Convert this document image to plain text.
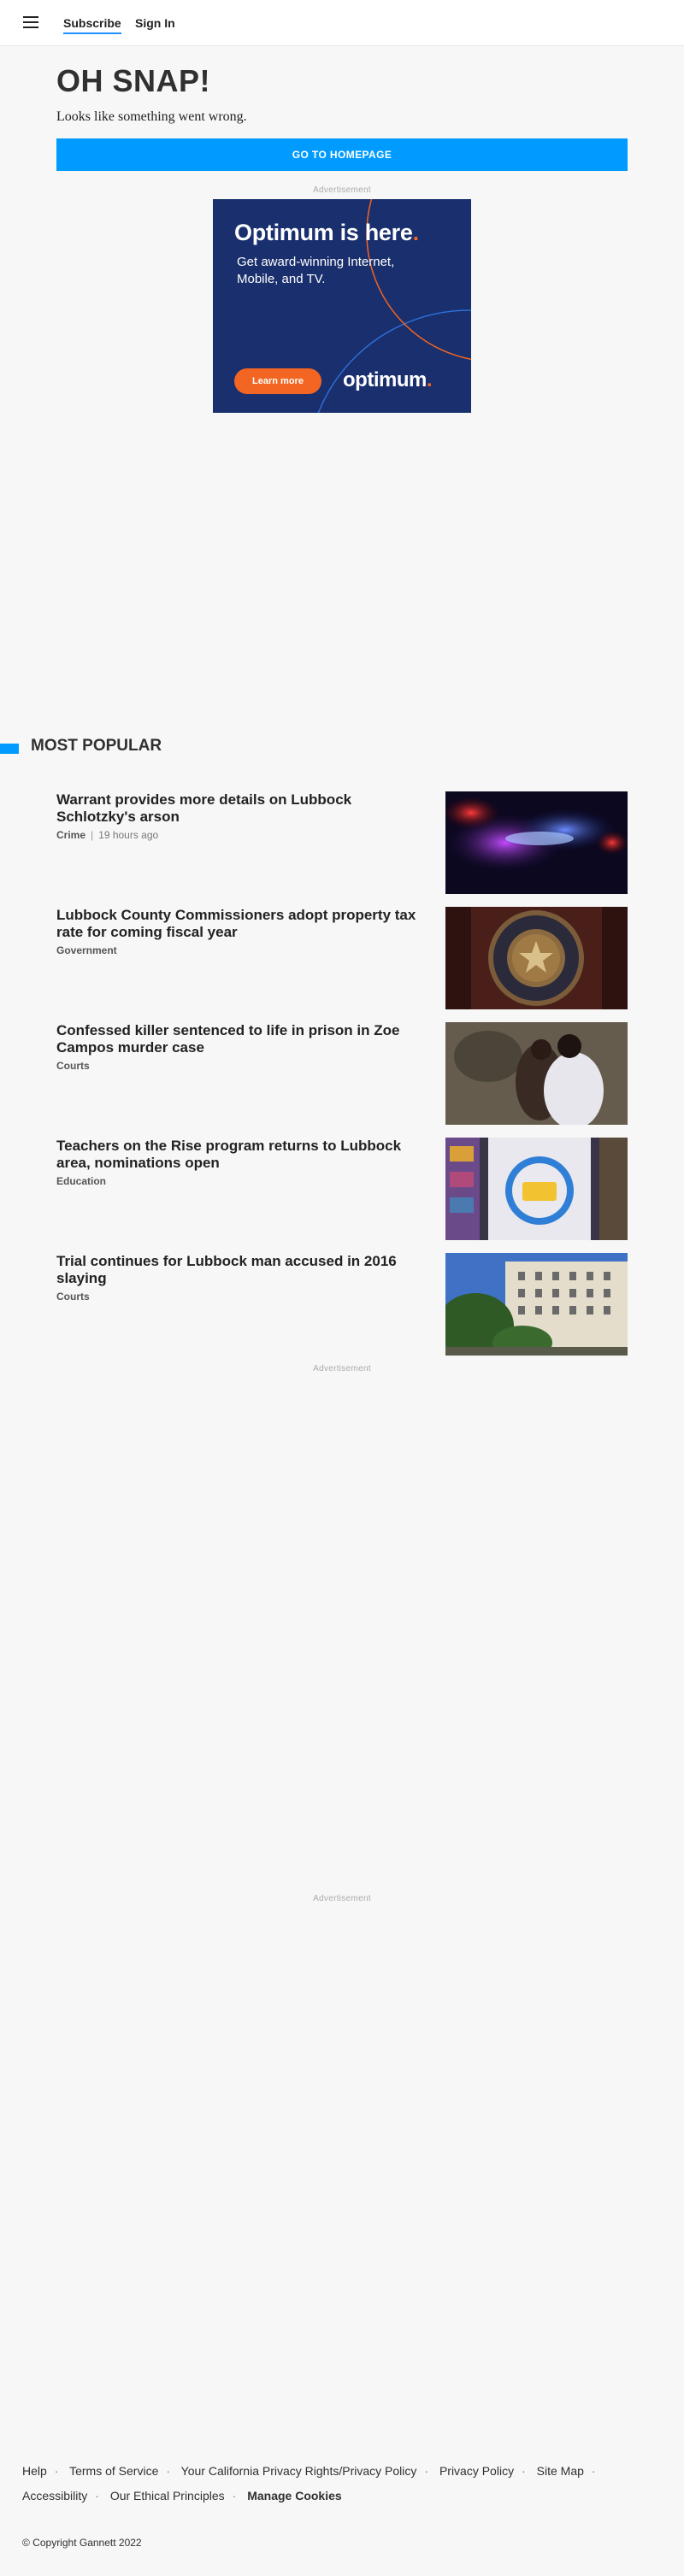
Subscribe Sign In
OH SNAP!
Looks like something went wrong.
GO TO HOMEPAGE
Advertisement
Optimum is here.
Get award-winning Internet, Mobile, and TV.
Learn more	optimum.
MOST POPULAR
Warrant provides more details on Lubbock Schlotzky's arson
Crime | 19 hours ago
Lubbock County Commissioners adopt property tax rate for coming fiscal year
Government
Confessed killer sentenced to life in prison in Zoe Campos murder case
Courts
Teachers on the Rise program returns to Lubbock area, nominations open
Education
Trial continues for Lubbock man accused in 2016 slaying
Courts
Advertisement
Advertisement
Help · Terms of Service · Your California Privacy Rights/Privacy Policy · Privacy Policy · Site Map ·
Accessibility · Our Ethical Principles · Manage Cookies
© Copyright Gannett 2022
